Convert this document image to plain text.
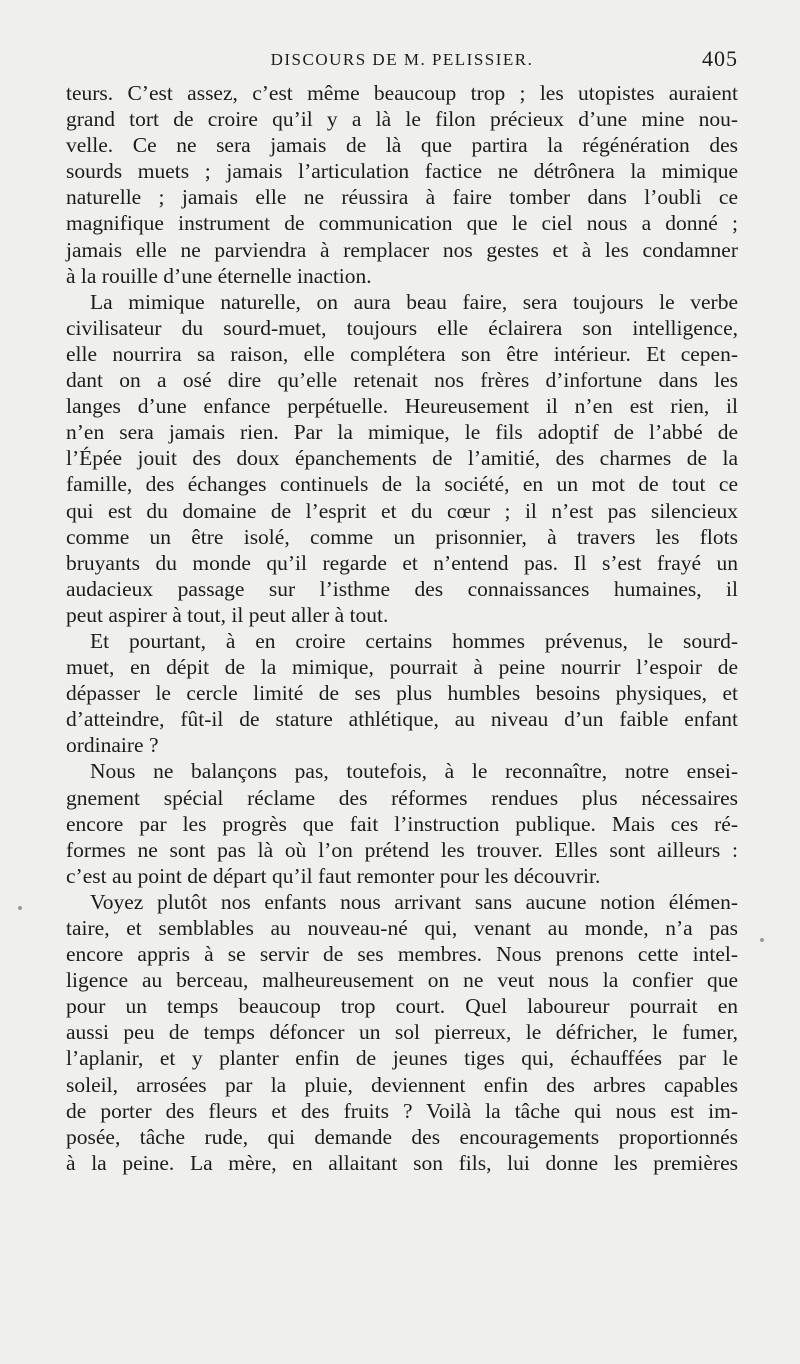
DISCOURS DE M. PELISSIER.	405
teurs. C’est assez, c’est même beaucoup trop ; les utopistes auraient
grand tort de croire qu’il y a là le filon précieux d’une mine nou-
velle. Ce ne sera jamais de là que partira la régénération des
sourds muets ; jamais l’articulation factice ne détrônera la mimique
naturelle ; jamais elle ne réussira à faire tomber dans l’oubli ce
magnifique instrument de communication que le ciel nous a donné ;
jamais elle ne parviendra à remplacer nos gestes et à les condamner
à la rouille d’une éternelle inaction.
La mimique naturelle, on aura beau faire, sera toujours le verbe
civilisateur du sourd-muet, toujours elle éclairera son intelligence,
elle nourrira sa raison, elle complétera son être intérieur. Et cepen-
dant on a osé dire qu’elle retenait nos frères d’infortune dans les
langes d’une enfance perpétuelle. Heureusement il n’en est rien, il
n’en sera jamais rien. Par la mimique, le fils adoptif de l’abbé de
l’Épée jouit des doux épanchements de l’amitié, des charmes de la
famille, des échanges continuels de la société, en un mot de tout ce
qui est du domaine de l’esprit et du cœur ; il n’est pas silencieux
comme un être isolé, comme un prisonnier, à travers les flots
bruyants du monde qu’il regarde et n’entend pas. Il s’est frayé un
audacieux passage sur l’isthme des connaissances humaines, il
peut aspirer à tout, il peut aller à tout.
Et pourtant, à en croire certains hommes prévenus, le sourd-
muet, en dépit de la mimique, pourrait à peine nourrir l’espoir de
dépasser le cercle limité de ses plus humbles besoins physiques, et
d’atteindre, fût-il de stature athlétique, au niveau d’un faible enfant
ordinaire ?
Nous ne balançons pas, toutefois, à le reconnaître, notre ensei-
gnement spécial réclame des réformes rendues plus nécessaires
encore par les progrès que fait l’instruction publique. Mais ces ré-
formes ne sont pas là où l’on prétend les trouver. Elles sont ailleurs :
c’est au point de départ qu’il faut remonter pour les découvrir.
Voyez plutôt nos enfants nous arrivant sans aucune notion élémen-
taire, et semblables au nouveau-né qui, venant au monde, n’a pas
encore appris à se servir de ses membres. Nous prenons cette intel-
ligence au berceau, malheureusement on ne veut nous la confier que
pour un temps beaucoup trop court. Quel laboureur pourrait en
aussi peu de temps défoncer un sol pierreux, le défricher, le fumer,
l’aplanir, et y planter enfin de jeunes tiges qui, échauffées par le
soleil, arrosées par la pluie, deviennent enfin des arbres capables
de porter des fleurs et des fruits ? Voilà la tâche qui nous est im-
posée, tâche rude, qui demande des encouragements proportionnés
à la peine. La mère, en allaitant son fils, lui donne les premières
